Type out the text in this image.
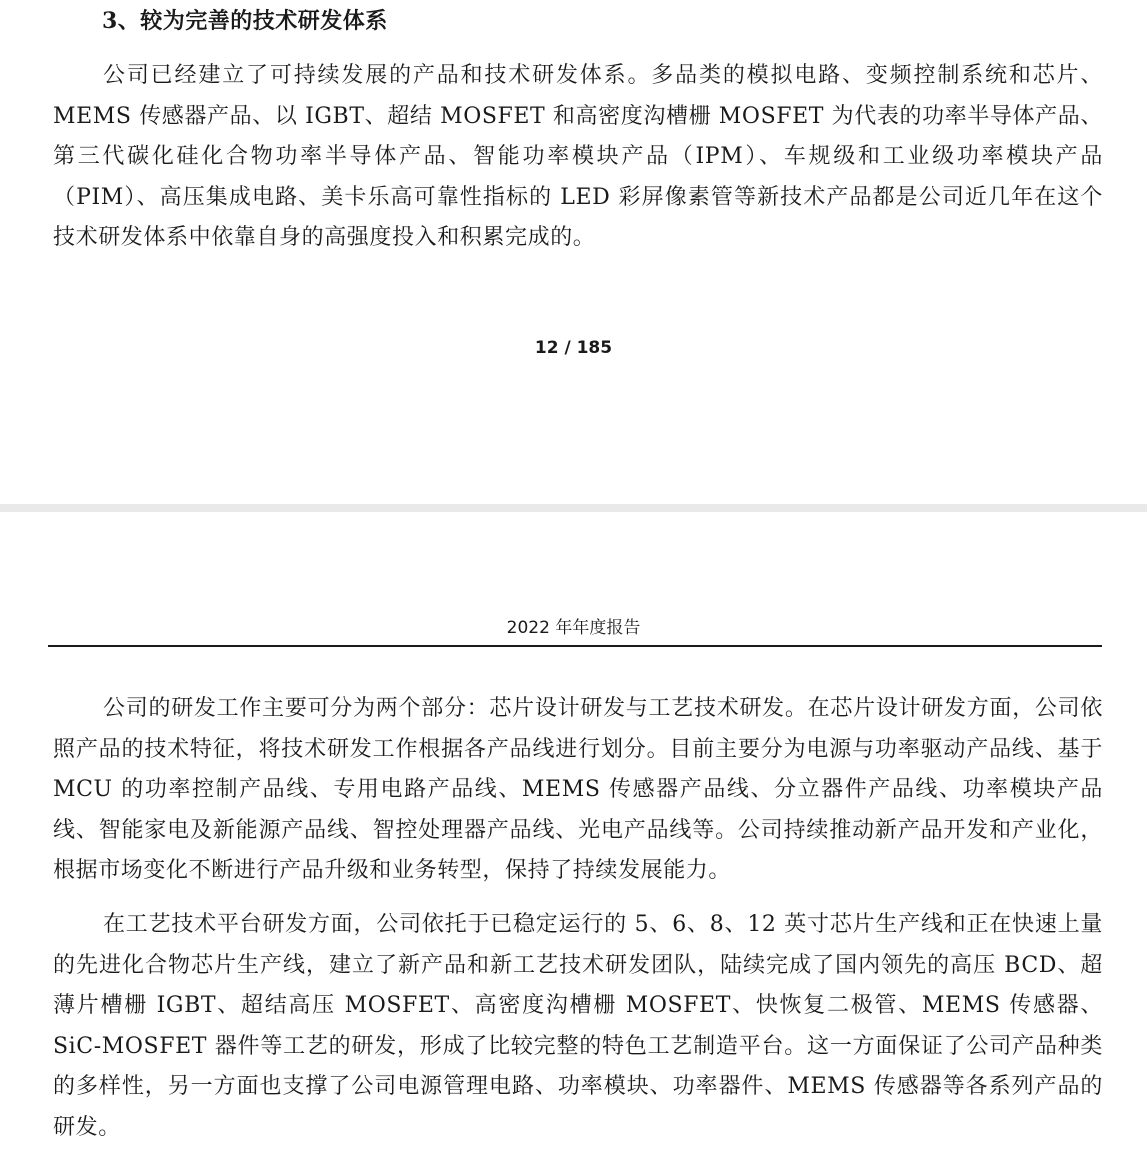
3、较为完善的技术研发体系

公司已经建立了可持续发展的产品和技术研发体系。多品类的模拟电路、变频控制系统和芯片、MEMS 传感器产品、以 IGBT、超结 MOSFET 和高密度沟槽栅 MOSFET 为代表的功率半导体产品、第三代碳化硅化合物功率半导体产品、智能功率模块产品（IPM）、车规级和工业级功率模块产品（PIM）、高压集成电路、美卡乐高可靠性指标的 LED 彩屏像素管等新技术产品都是公司近几年在这个技术研发体系中依靠自身的高强度投入和积累完成的。

12 / 185
2022 年年度报告

公司的研发工作主要可分为两个部分：芯片设计研发与工艺技术研发。在芯片设计研发方面，公司依照产品的技术特征，将技术研发工作根据各产品线进行划分。目前主要分为电源与功率驱动产品线、基于 MCU 的功率控制产品线、专用电路产品线、MEMS 传感器产品线、分立器件产品线、功率模块产品线、智能家电及新能源产品线、智控处理器产品线、光电产品线等。公司持续推动新产品开发和产业化，根据市场变化不断进行产品升级和业务转型，保持了持续发展能力。

在工艺技术平台研发方面，公司依托于已稳定运行的 5、6、8、12 英寸芯片生产线和正在快速上量的先进化合物芯片生产线，建立了新产品和新工艺技术研发团队，陆续完成了国内领先的高压 BCD、超薄片槽栅 IGBT、超结高压 MOSFET、高密度沟槽栅 MOSFET、快恢复二极管、MEMS 传感器、SiC-MOSFET 器件等工艺的研发，形成了比较完整的特色工艺制造平台。这一方面保证了公司产品种类的多样性，另一方面也支撑了公司电源管理电路、功率模块、功率器件、MEMS 传感器等各系列产品的研发。
